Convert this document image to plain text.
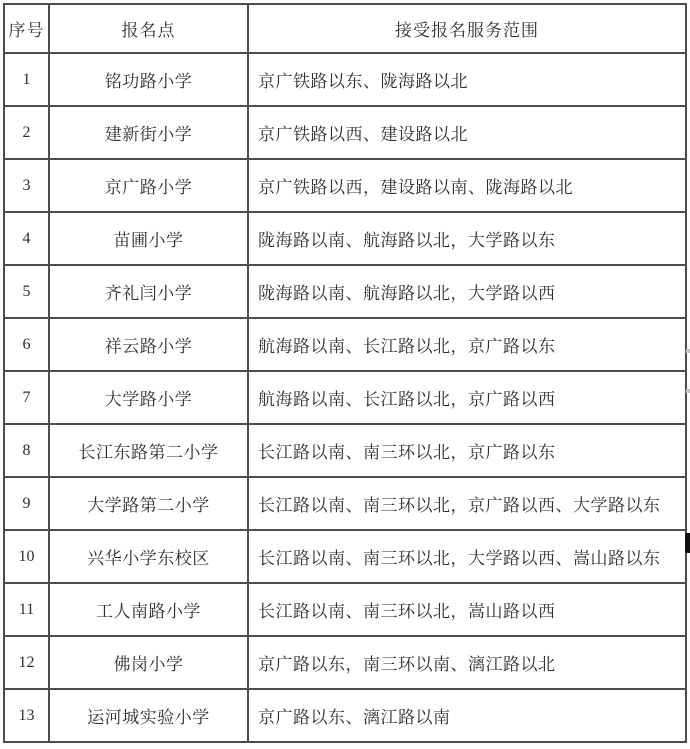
序号	报名点	接受报名服务范围
1	铭功路小学	京广铁路以东、陇海路以北
2	建新街小学	京广铁路以西、建设路以北
3	京广路小学	京广铁路以西，建设路以南、陇海路以北
4	苗圃小学	陇海路以南、航海路以北，大学路以东
5	齐礼闫小学	陇海路以南、航海路以北，大学路以西
6	祥云路小学	航海路以南、长江路以北，京广路以东
7	大学路小学	航海路以南、长江路以北，京广路以西
8	长江东路第二小学	长江路以南、南三环以北，京广路以东
9	大学路第二小学	长江路以南、南三环以北，京广路以西、大学路以东
10	兴华小学东校区	长江路以南、南三环以北，大学路以西、嵩山路以东
11	工人南路小学	长江路以南、南三环以北，嵩山路以西
12	佛岗小学	京广路以东，南三环以南、漓江路以北
13	运河城实验小学	京广路以东、漓江路以南
